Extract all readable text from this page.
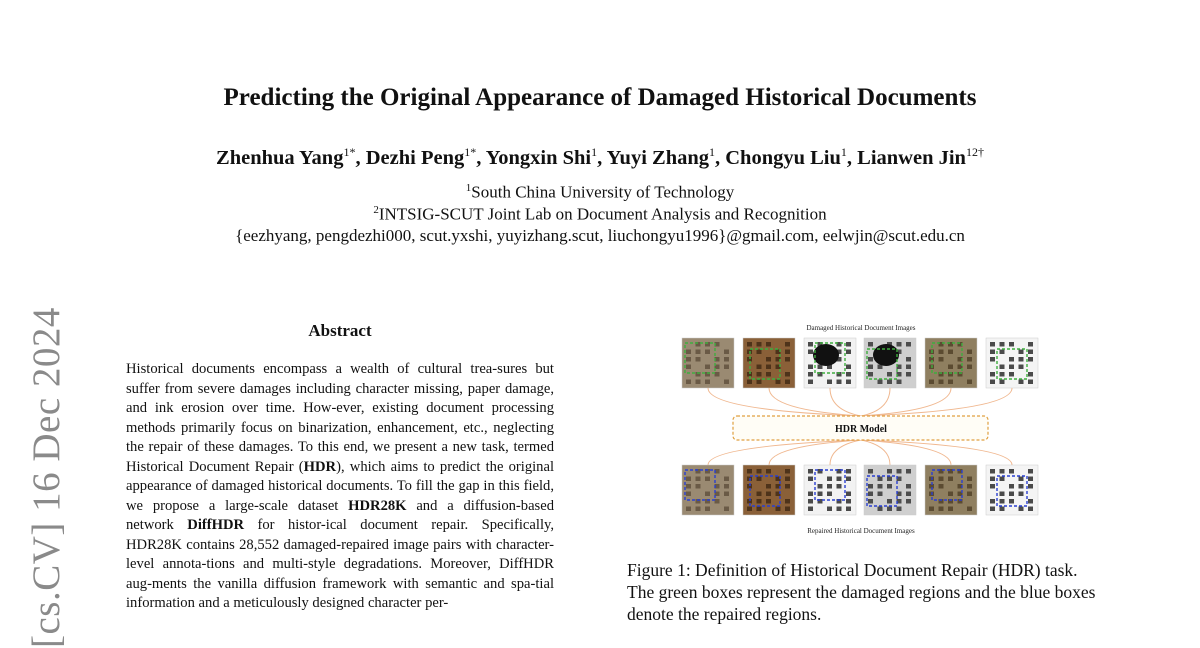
[cs.CV] 16 Dec 2024
Predicting the Original Appearance of Damaged Historical Documents
Zhenhua Yang$^{1*}$, Dezhi Peng$^{1*}$, Yongxin Shi$^1$, Yuyi Zhang$^1$, Chongyu Liu$^1$, Lianwen Jin$^{12\dagger}$
$^1$South China University of Technology
$^2$INTSIG-SCUT Joint Lab on Document Analysis and Recognition
{eezhyang, pengdezhi000, scut.yxshi, yuyizhang.scut, liuchongyu1996}@gmail.com, eelwjin@scut.edu.cn
Abstract

Historical documents encompass a wealth of cultural trea-sures but suffer from severe damages including character missing, paper damage, and ink erosion over time. How-ever, existing document processing methods primarily focus on binarization, enhancement, etc., neglecting the repair of these damages. To this end, we present a new task, termed Historical Document Repair (HDR), which aims to predict the original appearance of damaged historical documents. To fill the gap in this field, we propose a large-scale dataset HDR28K and a diffusion-based network DiffHDR for histor-ical document repair. Specifically, HDR28K contains 28,552 damaged-repaired image pairs with character-level annota-tions and multi-style degradations. Moreover, DiffHDR aug-ments the vanilla diffusion framework with semantic and spa-tial information and a meticulously designed character per-

Damaged Historical Document Images
HDR Model
Repaired Historical Document Images
Figure 1: Definition of Historical Document Repair (HDR) task. The green boxes represent the damaged regions and the blue boxes denote the repaired regions.
